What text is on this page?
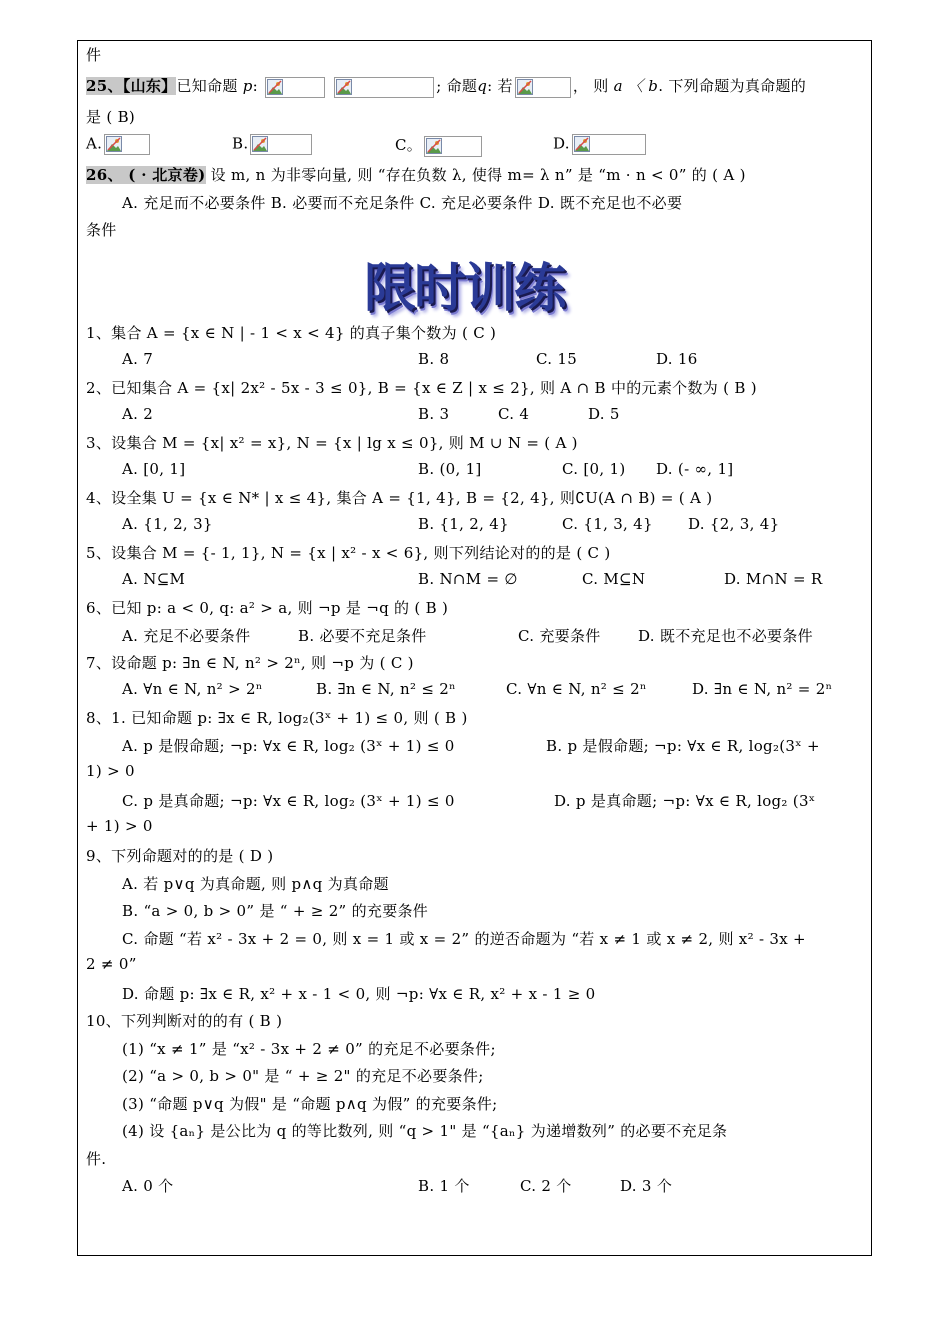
件
25、【山东】已知命题 p:
	; 命题q: 若	， 则 a 〈 b. 下列命题为真命题的
是 ( B)
A.	B.	C。	D.
26、 ( · 北京卷) 设 m, n 为非零向量, 则 “存在负数 λ, 使得 m= λ n” 是 “m · n < 0” 的 ( A )
A. 充足而不必要条件 B. 必要而不充足条件 C. 充足必要条件 D. 既不充足也不必要
条件
限时训练
1、集合 A = {x ∈ N | - 1 < x < 4} 的真子集个数为 ( C )
A. 7	B. 8	C. 15	D. 16
2、已知集合 A = {x| 2x² - 5x - 3 ≤ 0}, B = {x ∈ Z | x ≤ 2}, 则 A ∩ B 中的元素个数为 ( B )
A. 2	B. 3	C. 4	D. 5
3、设集合 M = {x| x² = x}, N = {x | lg x ≤ 0}, 则 M ∪ N = ( A )
A. [0, 1]	B. (0, 1]	C. [0, 1) D. (- ∞, 1]
4、设全集 U = {x ∈ N* | x ≤ 4}, 集合 A = {1, 4}, B = {2, 4}, 则∁U(A ∩ B) = ( A )
A. {1, 2, 3}	B. {1, 2, 4}	C. {1, 3, 4} D. {2, 3, 4}
5、设集合 M = {- 1, 1}, N = {x | x² - x < 6}, 则下列结论对的的是 ( C )
A. N⊆M	B. N∩M = ∅	C. M⊆N	D. M∩N = R
6、已知 p: a < 0, q: a² > a, 则 ¬p 是 ¬q 的 ( B )
A. 充足不必要条件	B. 必要不充足条件	C. 充要条件 D. 既不充足也不必要条件
7、设命题 p: ∃n ∈ N, n² > 2ⁿ, 则 ¬p 为 ( C )
A. ∀n ∈ N, n² > 2ⁿ	B. ∃n ∈ N, n² ≤ 2ⁿ	C. ∀n ∈ N, n² ≤ 2ⁿ	D. ∃n ∈ N, n² = 2ⁿ
8、1. 已知命题 p: ∃x ∈ R, log₂(3ˣ + 1) ≤ 0, 则 ( B )
A. p 是假命题; ¬p: ∀x ∈ R, log₂ (3ˣ + 1) ≤ 0	B. p 是假命题; ¬p: ∀x ∈ R, log₂(3ˣ +
1) > 0
C. p 是真命题; ¬p: ∀x ∈ R, log₂ (3ˣ + 1) ≤ 0	D. p 是真命题; ¬p: ∀x ∈ R, log₂ (3ˣ
+ 1) > 0
9、下列命题对的的是 ( D )
A. 若 p∨q 为真命题, 则 p∧q 为真命题
B. “a > 0, b > 0” 是 “ + ≥ 2” 的充要条件
C. 命题 “若 x² - 3x + 2 = 0, 则 x = 1 或 x = 2” 的逆否命题为 “若 x ≠ 1 或 x ≠ 2, 则 x² - 3x +
2 ≠ 0”
D. 命题 p: ∃x ∈ R, x² + x - 1 < 0, 则 ¬p: ∀x ∈ R, x² + x - 1 ≥ 0
10、下列判断对的的有 ( B )
(1) “x ≠ 1” 是 “x² - 3x + 2 ≠ 0” 的充足不必要条件;
(2) “a > 0, b > 0" 是 “ + ≥ 2" 的充足不必要条件;
(3) “命题 p∨q 为假" 是 “命题 p∧q 为假” 的充要条件;
(4) 设 {aₙ} 是公比为 q 的等比数列, 则 “q > 1" 是 “{aₙ} 为递增数列” 的必要不充足条
件.
A. 0 个	B. 1 个	C. 2 个	D. 3 个
